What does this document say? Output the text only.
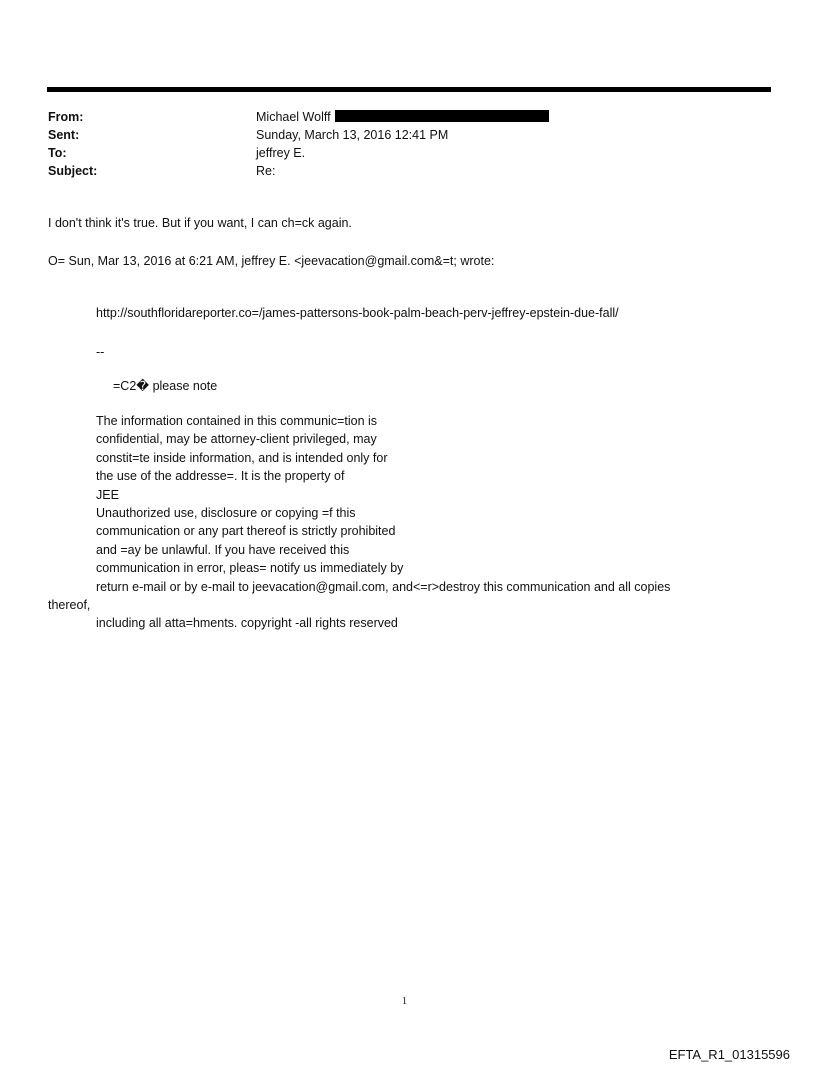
From:	Michael Wolff
Sent:	Sunday, March 13, 2016 12:41 PM
To:	jeffrey E.
Subject:	Re:
I don't think it's true. But if you want, I can ch=ck again.
O= Sun, Mar 13, 2016 at 6:21 AM, jeffrey E. <jeevacation@gmail.com&=t; wrote:
http://southfloridareporter.co=/james-pattersons-book-palm-beach-perv-jeffrey-epstein-due-fall/
--
=C2� please note
The information contained in this communic=tion is
confidential, may be attorney-client privileged, may
constit=te inside information, and is intended only for
the use of the addresse=. It is the property of
JEE
Unauthorized use, disclosure or copying =f this
communication or any part thereof is strictly prohibited
and =ay be unlawful. If you have received this
communication in error, pleas= notify us immediately by
return e-mail or by e-mail to jeevacation@gmail.com, and<=r>destroy this communication and all copies
thereof,
including all atta=hments. copyright -all rights reserved
1
EFTA_R1_01315596
